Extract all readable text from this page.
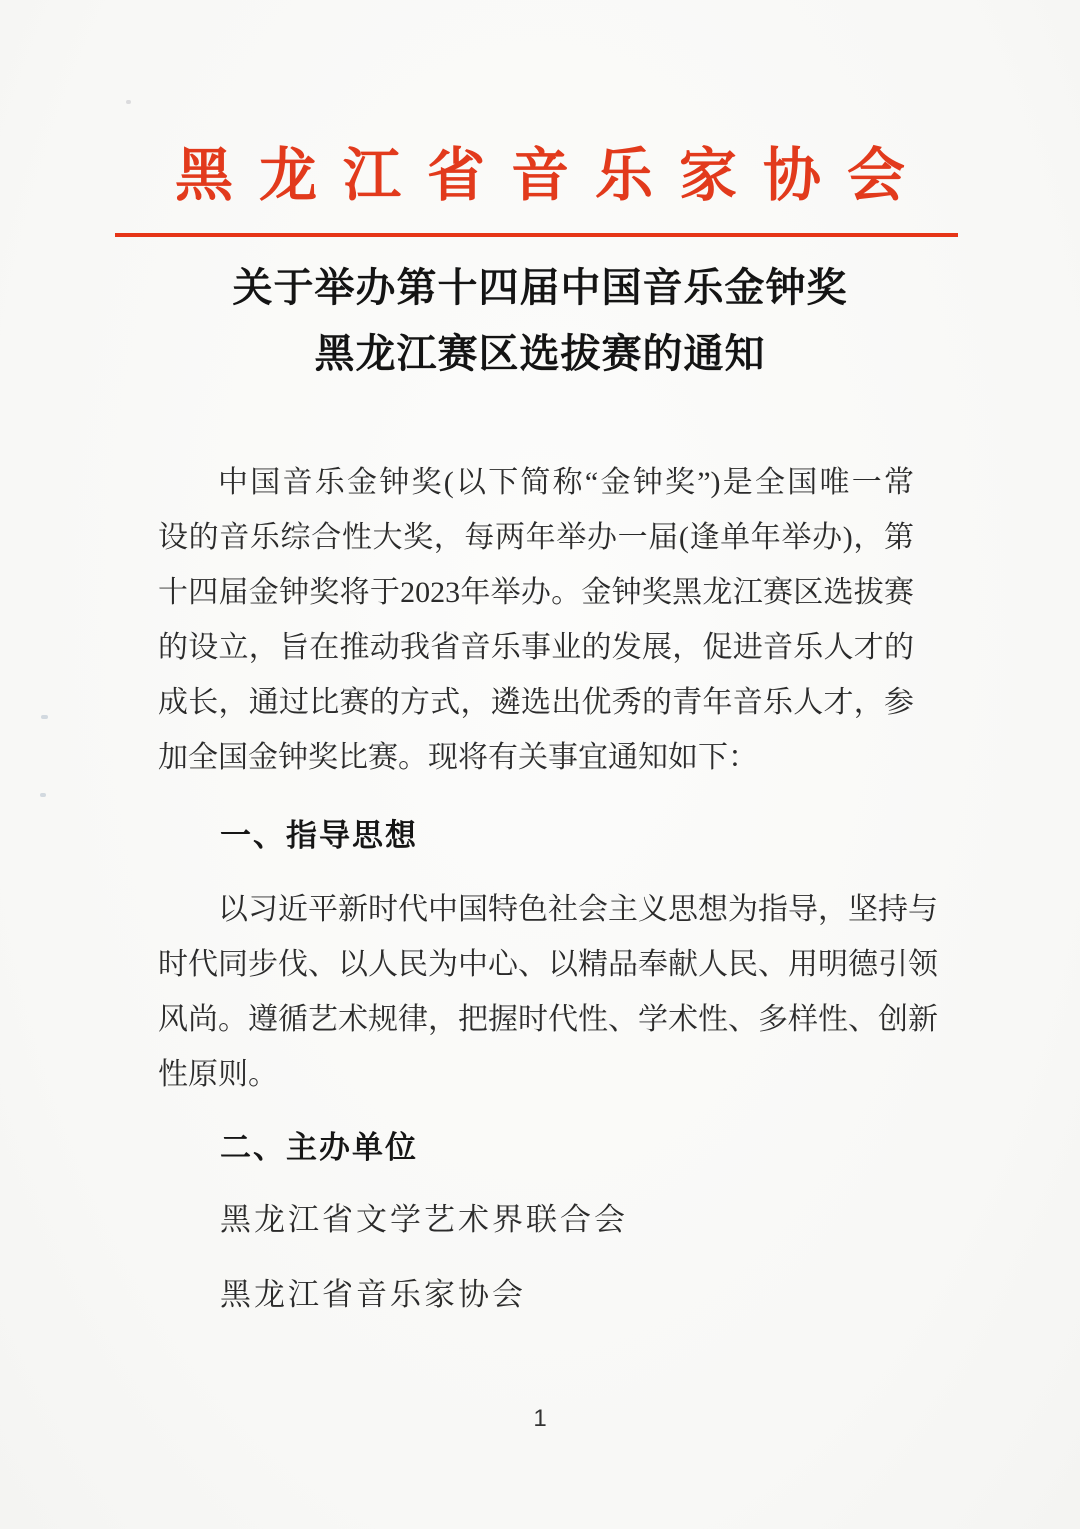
黑龙江省音乐家协会
关于举办第十四届中国音乐金钟奖
黑龙江赛区选拔赛的通知
中国音乐金钟奖(以下简称“金钟奖”)是全国唯一常
设的音乐综合性大奖，每两年举办一届(逢单年举办)，第
十四届金钟奖将于2023年举办。金钟奖黑龙江赛区选拔赛
的设立，旨在推动我省音乐事业的发展，促进音乐人才的
成长，通过比赛的方式，遴选出优秀的青年音乐人才，参
加全国金钟奖比赛。现将有关事宜通知如下：
一、指导思想
以习近平新时代中国特色社会主义思想为指导，坚持与
时代同步伐、以人民为中心、以精品奉献人民、用明德引领
风尚。遵循艺术规律，把握时代性、学术性、多样性、创新
性原则。
二、主办单位
黑龙江省文学艺术界联合会
黑龙江省音乐家协会
1
